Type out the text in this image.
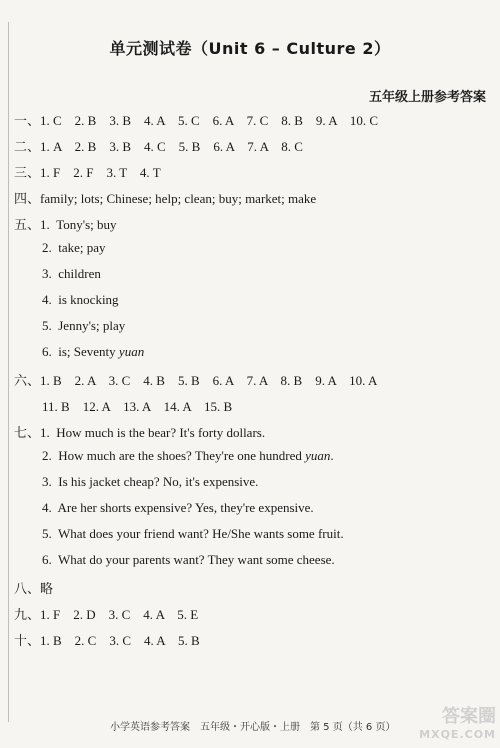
单元测试卷（Unit 6 – Culture 2）
五年级上册参考答案
一、1. C　2. B　3. B　4. A　5. C　6. A　7. C　8. B　9. A　10. C
二、1. A　2. B　3. B　4. C　5. B　6. A　7. A　8. C
三、1. F　2. F　3. T　4. T
四、family; lots; Chinese; help; clean; buy; market; make
五、1.  Tony's; buy
2.  take; pay
3.  children
4.  is knocking
5.  Jenny's; play
6.  is; Seventy yuan
六、1. B　2. A　3. C　4. B　5. B　6. A　7. A　8. B　9. A　10. A
11. B　12. A　13. A　14. A　15. B
七、1.  How much is the bear? It's forty dollars.
2.  How much are the shoes? They're one hundred yuan.
3.  Is his jacket cheap? No, it's expensive.
4.  Are her shorts expensive? Yes, they're expensive.
5.  What does your friend want? He/She wants some fruit.
6.  What do your parents want? They want some cheese.
八、略
九、1. F　2. D　3. C　4. A　5. E
十、1. B　2. C　3. C　4. A　5. B
小学英语参考答案　五年级・开心版・上册　第 5 页（共 6 页）
答案圈
MXQE.COM
